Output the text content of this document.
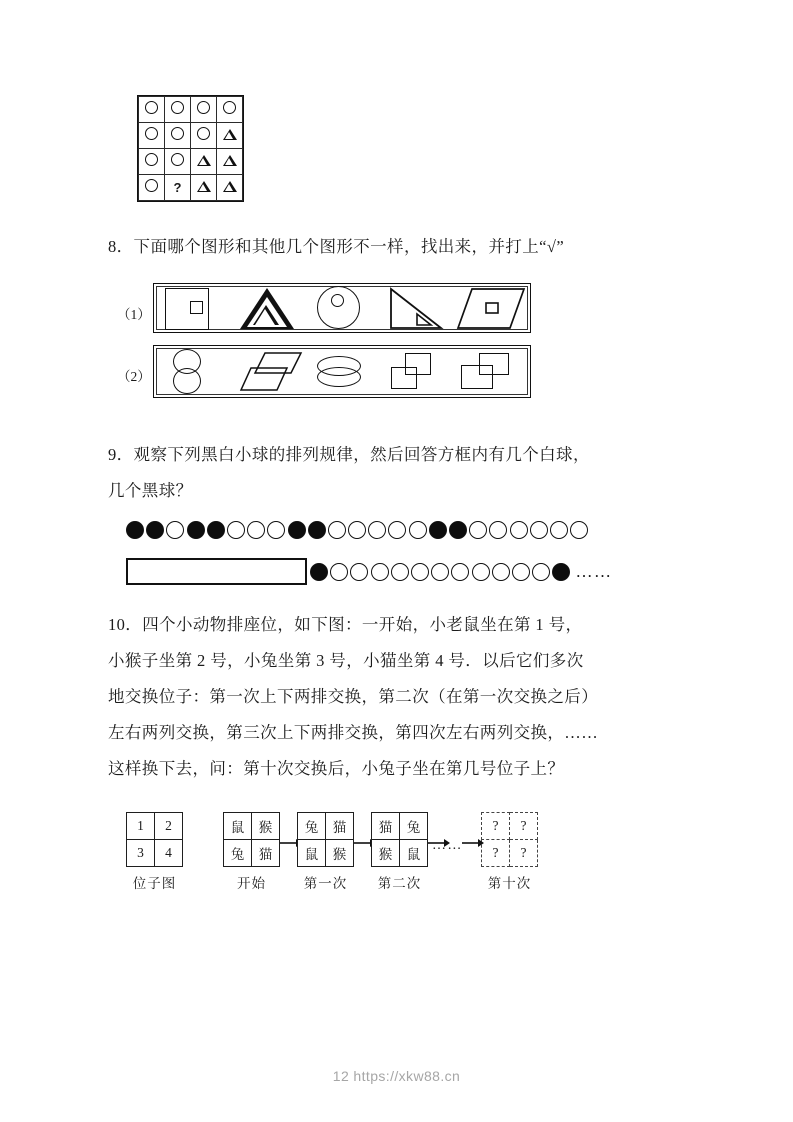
	?		
8．下面哪个图形和其他几个图形不一样，找出来，并打上“√”
（1）
（2）
9．观察下列黑白小球的排列规律，然后回答方框内有几个白球，
几个黑球？
……
10．四个小动物排座位，如下图：一开始，小老鼠坐在第 1 号，
小猴子坐第 2 号，小兔坐第 3 号，小猫坐第 4 号．以后它们多次
地交换位子：第一次上下两排交换，第二次（在第一次交换之后）
左右两列交换，第三次上下两排交换，第四次左右两列交换，……
这样换下去，问：第十次交换后，小兔子坐在第几号位子上？
1	2
3	4
位子图
鼠	猴
兔	猫
开始
兔	猫
鼠	猴
第一次
猫	兔
猴	鼠
第二次
?	?
?	?
第十次
……
12 https://xkw88.cn
